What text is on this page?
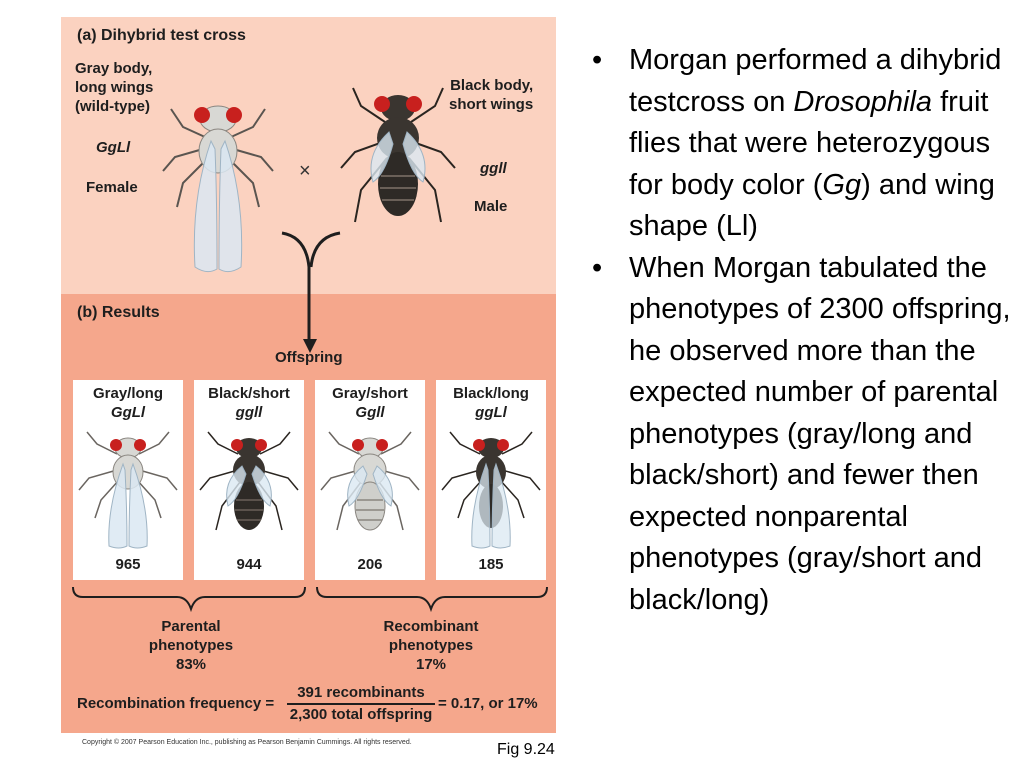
(a) Dihybrid test cross
Gray body,
long wings
(wild-type)
GgLl
Female
×
Black body,
short wings
ggll
Male
(b) Results
Offspring
Gray/long
GgLl
965
Black/short
ggll
944
Gray/short
Ggll
206
Black/long
ggLl
185
Parental
phenotypes
83%
Recombinant
phenotypes
17%
Recombination frequency =
391 recombinants
2,300 total offspring
= 0.17, or 17%
Copyright © 2007 Pearson Education Inc., publishing as Pearson Benjamin Cummings. All rights reserved.	Fig 9.24
• Morgan performed a dihybrid testcross on Drosophila fruit flies that were heterozygous for body color (Gg) and wing shape (Ll)
• When Morgan tabulated the phenotypes of 2300 offspring, he observed more than the expected number of parental phenotypes (gray/long and black/short) and fewer then expected nonparental phenotypes (gray/short and black/long)
